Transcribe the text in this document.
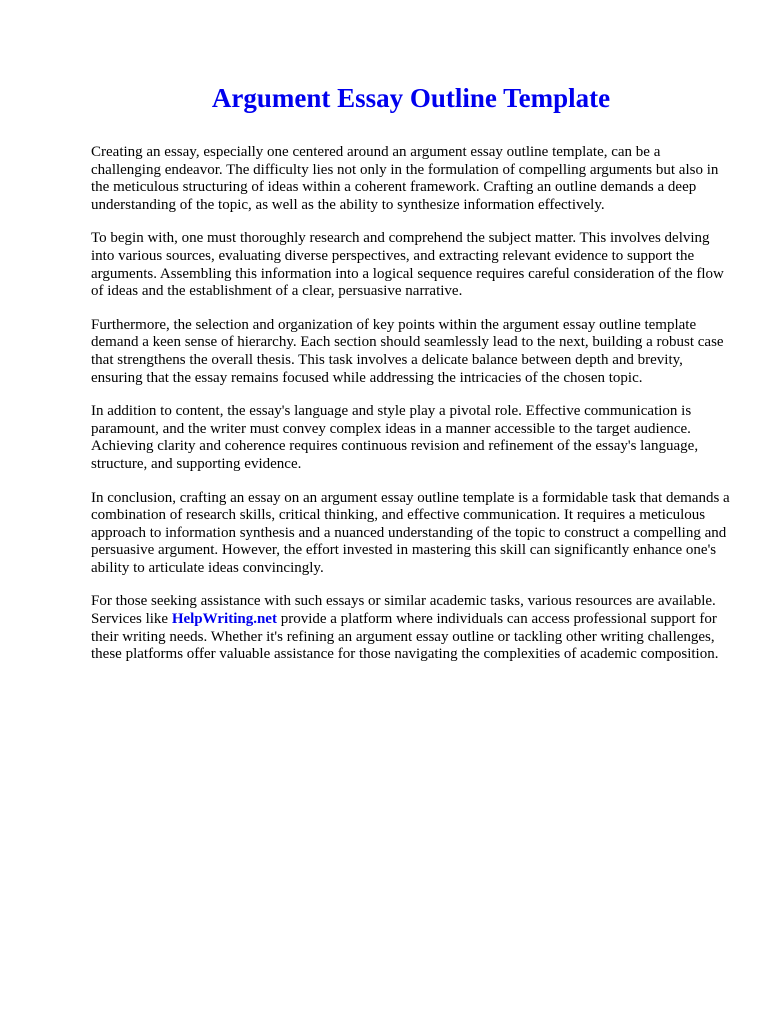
Argument Essay Outline Template

Creating an essay, especially one centered around an argument essay outline template, can be a challenging endeavor. The difficulty lies not only in the formulation of compelling arguments but also in the meticulous structuring of ideas within a coherent framework. Crafting an outline demands a deep understanding of the topic, as well as the ability to synthesize information effectively.

To begin with, one must thoroughly research and comprehend the subject matter. This involves delving into various sources, evaluating diverse perspectives, and extracting relevant evidence to support the arguments. Assembling this information into a logical sequence requires careful consideration of the flow of ideas and the establishment of a clear, persuasive narrative.

Furthermore, the selection and organization of key points within the argument essay outline template demand a keen sense of hierarchy. Each section should seamlessly lead to the next, building a robust case that strengthens the overall thesis. This task involves a delicate balance between depth and brevity, ensuring that the essay remains focused while addressing the intricacies of the chosen topic.

In addition to content, the essay's language and style play a pivotal role. Effective communication is paramount, and the writer must convey complex ideas in a manner accessible to the target audience. Achieving clarity and coherence requires continuous revision and refinement of the essay's language, structure, and supporting evidence.

In conclusion, crafting an essay on an argument essay outline template is a formidable task that demands a combination of research skills, critical thinking, and effective communication. It requires a meticulous approach to information synthesis and a nuanced understanding of the topic to construct a compelling and persuasive argument. However, the effort invested in mastering this skill can significantly enhance one's ability to articulate ideas convincingly.

For those seeking assistance with such essays or similar academic tasks, various resources are available. Services like HelpWriting.net provide a platform where individuals can access professional support for their writing needs. Whether it's refining an argument essay outline or tackling other writing challenges, these platforms offer valuable assistance for those navigating the complexities of academic composition.
